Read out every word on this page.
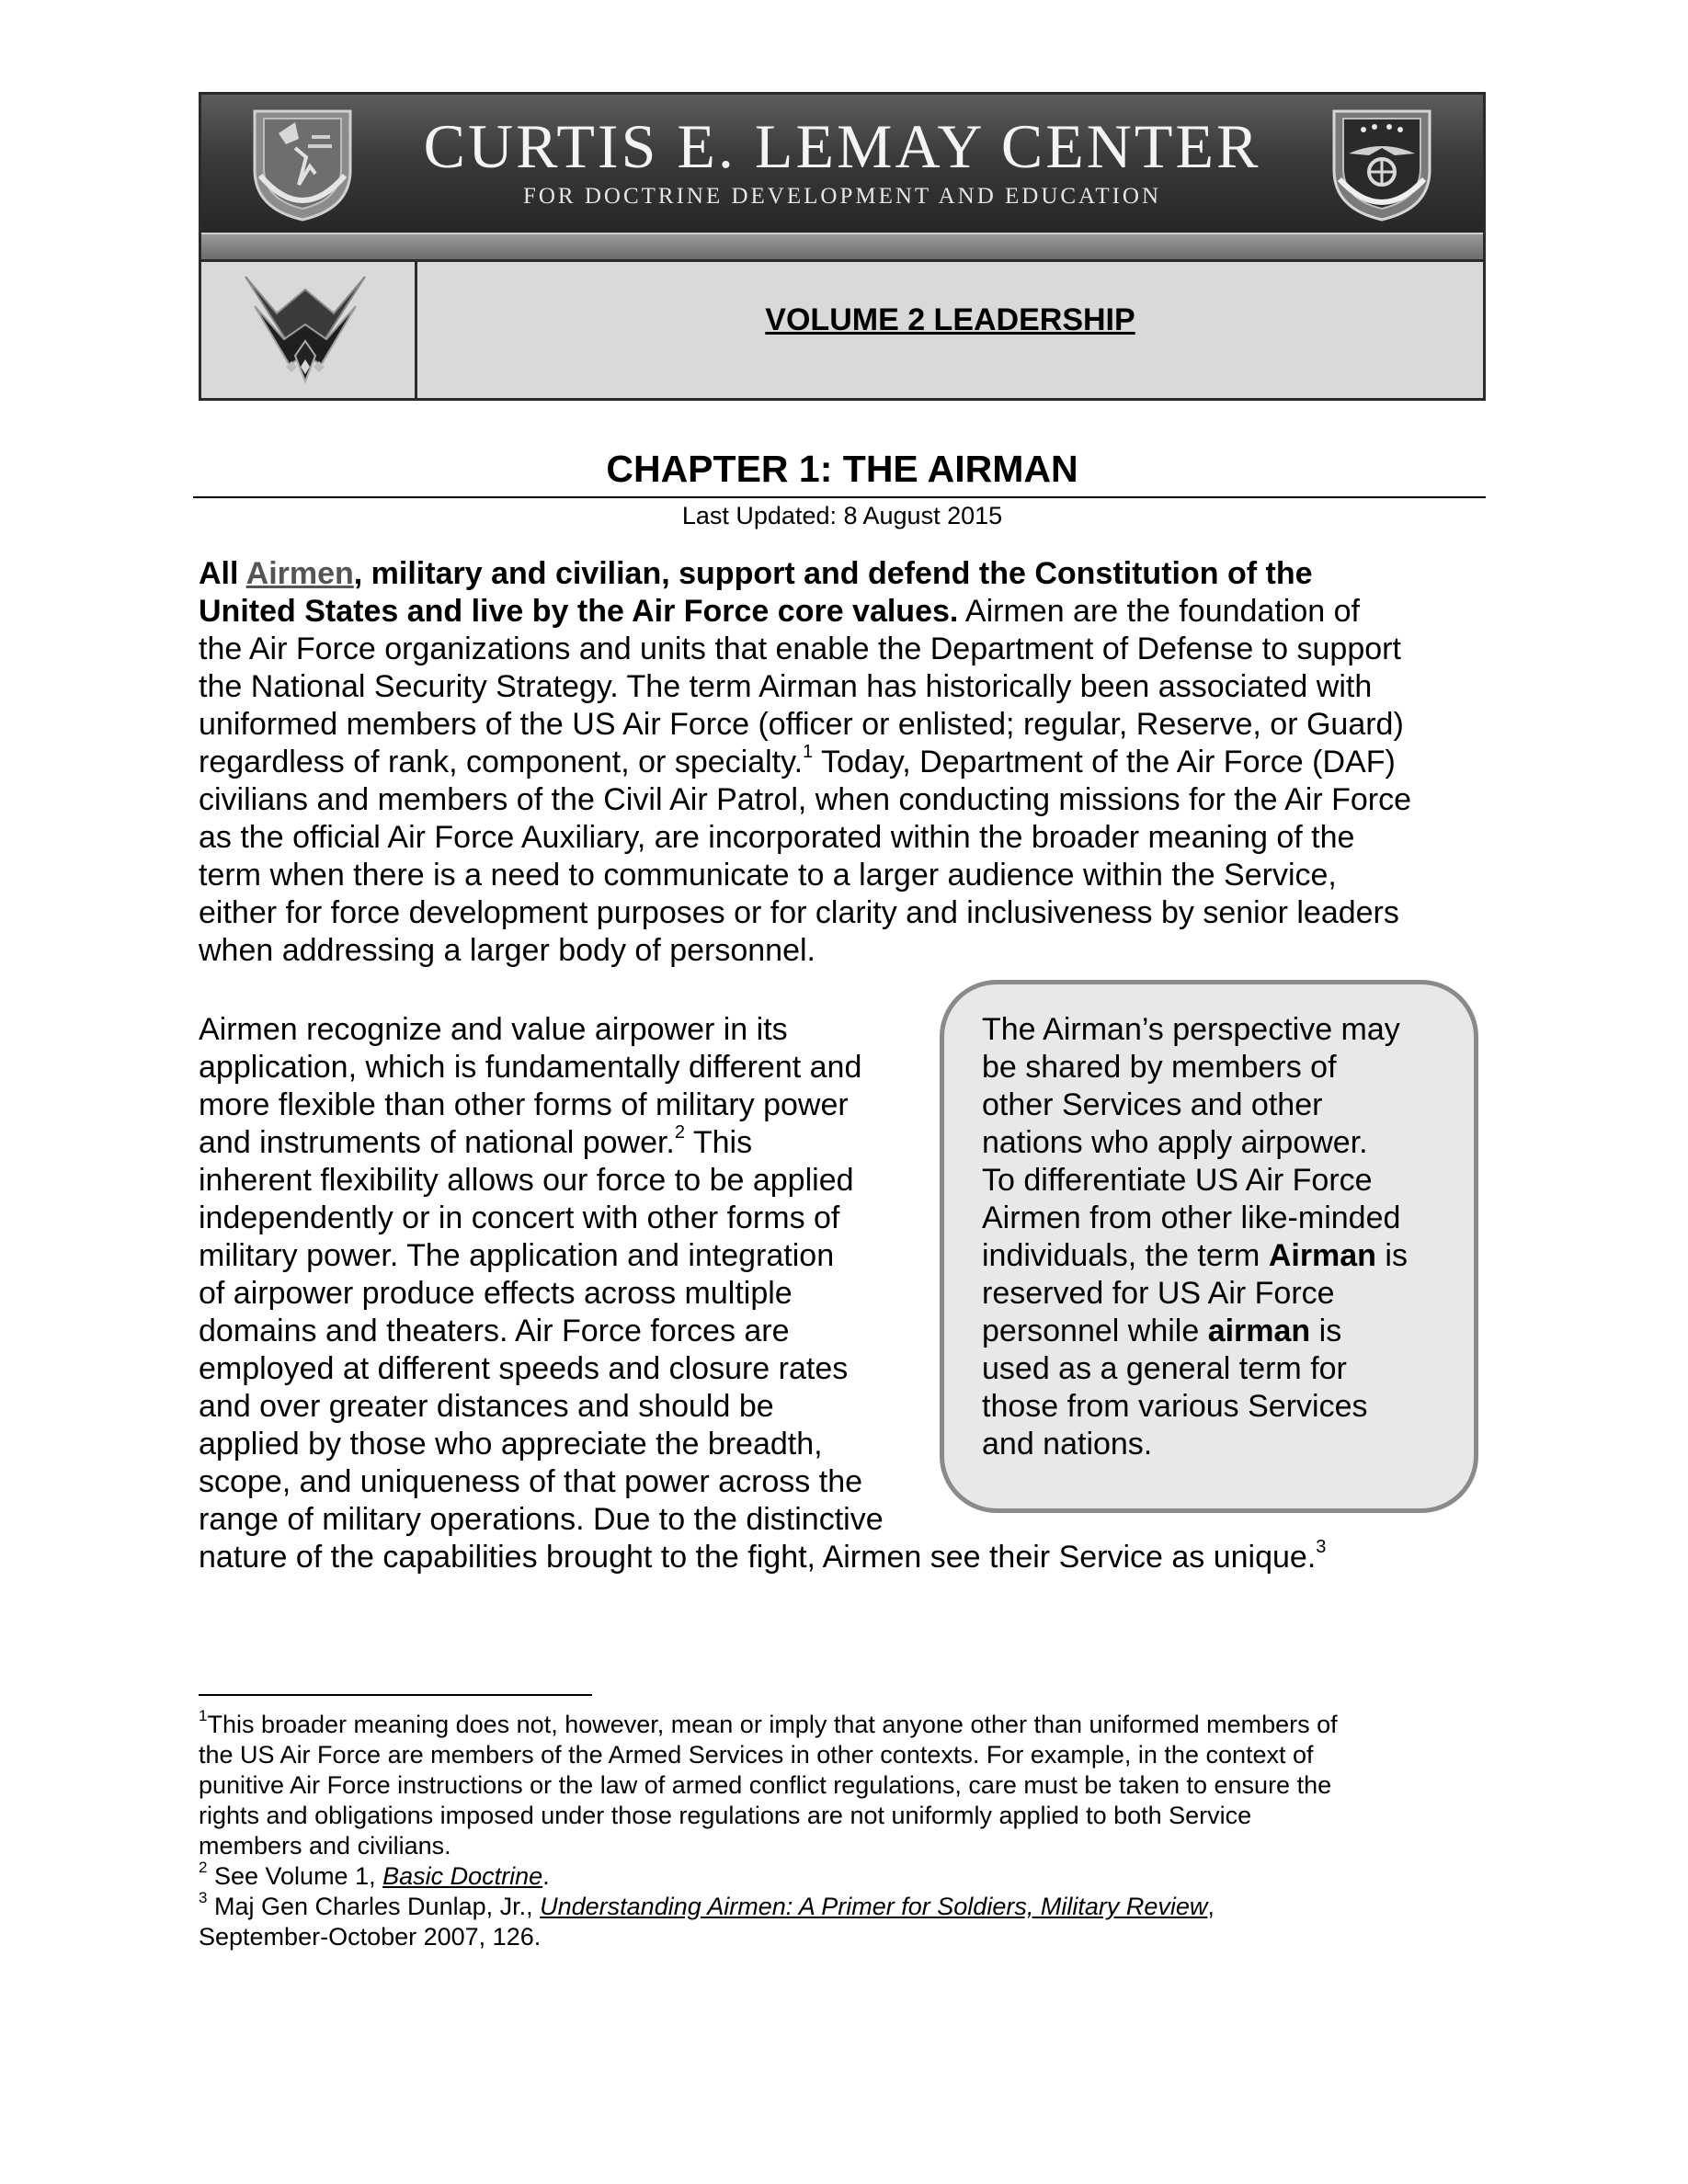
CURTIS E. LEMAY CENTER
FOR DOCTRINE DEVELOPMENT AND EDUCATION
VOLUME 2 LEADERSHIP
CHAPTER 1: THE AIRMAN
Last Updated: 8 August 2015
All Airmen, military and civilian, support and defend the Constitution of the
United States and live by the Air Force core values. Airmen are the foundation of
the Air Force organizations and units that enable the Department of Defense to support
the National Security Strategy. The term Airman has historically been associated with
uniformed members of the US Air Force (officer or enlisted; regular, Reserve, or Guard)
regardless of rank, component, or specialty.$^1$ Today, Department of the Air Force (DAF)
civilians and members of the Civil Air Patrol, when conducting missions for the Air Force
as the official Air Force Auxiliary, are incorporated within the broader meaning of the
term when there is a need to communicate to a larger audience within the Service,
either for force development purposes or for clarity and inclusiveness by senior leaders
when addressing a larger body of personnel.
The Airman’s perspective may
be shared by members of
other Services and other
nations who apply airpower.
To differentiate US Air Force
Airmen from other like-minded
individuals, the term Airman is
reserved for US Air Force
personnel while airman is
used as a general term for
those from various Services
and nations.
Airmen recognize and value airpower in its
application, which is fundamentally different and
more flexible than other forms of military power
and instruments of national power.$^2$ This
inherent flexibility allows our force to be applied
independently or in concert with other forms of
military power. The application and integration
of airpower produce effects across multiple
domains and theaters. Air Force forces are
employed at different speeds and closure rates
and over greater distances and should be
applied by those who appreciate the breadth,
scope, and uniqueness of that power across the
range of military operations. Due to the distinctive
nature of the capabilities brought to the fight, Airmen see their Service as unique.$^3$
$^1$This broader meaning does not, however, mean or imply that anyone other than uniformed members of
the US Air Force are members of the Armed Services in other contexts. For example, in the context of
punitive Air Force instructions or the law of armed conflict regulations, care must be taken to ensure the
rights and obligations imposed under those regulations are not uniformly applied to both Service
members and civilians.
$^2$ See Volume 1, Basic Doctrine.
$^3$ Maj Gen Charles Dunlap, Jr., Understanding Airmen: A Primer for Soldiers, Military Review,
September-October 2007, 126.
